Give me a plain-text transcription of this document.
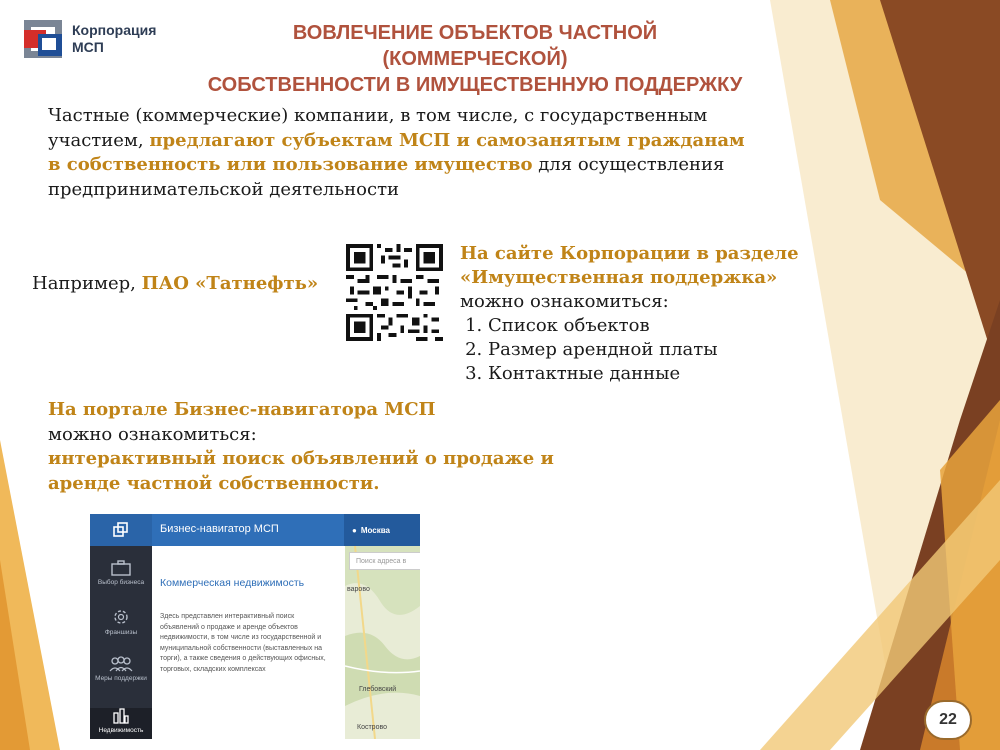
Корпорация
МСП
ВОВЛЕЧЕНИЕ ОБЪЕКТОВ ЧАСТНОЙ (КОММЕРЧЕСКОЙ)
СОБСТВЕННОСТИ В ИМУЩЕСТВЕННУЮ ПОДДЕРЖКУ
Частные (коммерческие) компании, в том числе, с государственным участием, предлагают субъектам МСП и самозанятым гражданам в собственность или пользование имущество для осуществления предпринимательской деятельности
Например, ПАО «Татнефть»
На сайте Корпорации в разделе
«Имущественная поддержка»
можно ознакомиться:
1. Список объектов
2. Размер арендной платы
3. Контактные данные
На портале Бизнес-навигатора МСП
можно ознакомиться:
интерактивный поиск объявлений о продаже и аренде частной собственности.
Бизнес-навигатор МСП	● Москва
Выбор бизнеса
Франшизы
Меры поддержки
Недвижимость
Коммерческая недвижимость
Здесь представлен интерактивный поиск объявлений о продаже и аренде объектов недвижимости, в том числе из государственной и муниципальной собственности (выставленных на торги), а также сведения о действующих офисных, торговых, складских комплексах
Поиск адреса в
варово
Глебовский
Кострово	22
